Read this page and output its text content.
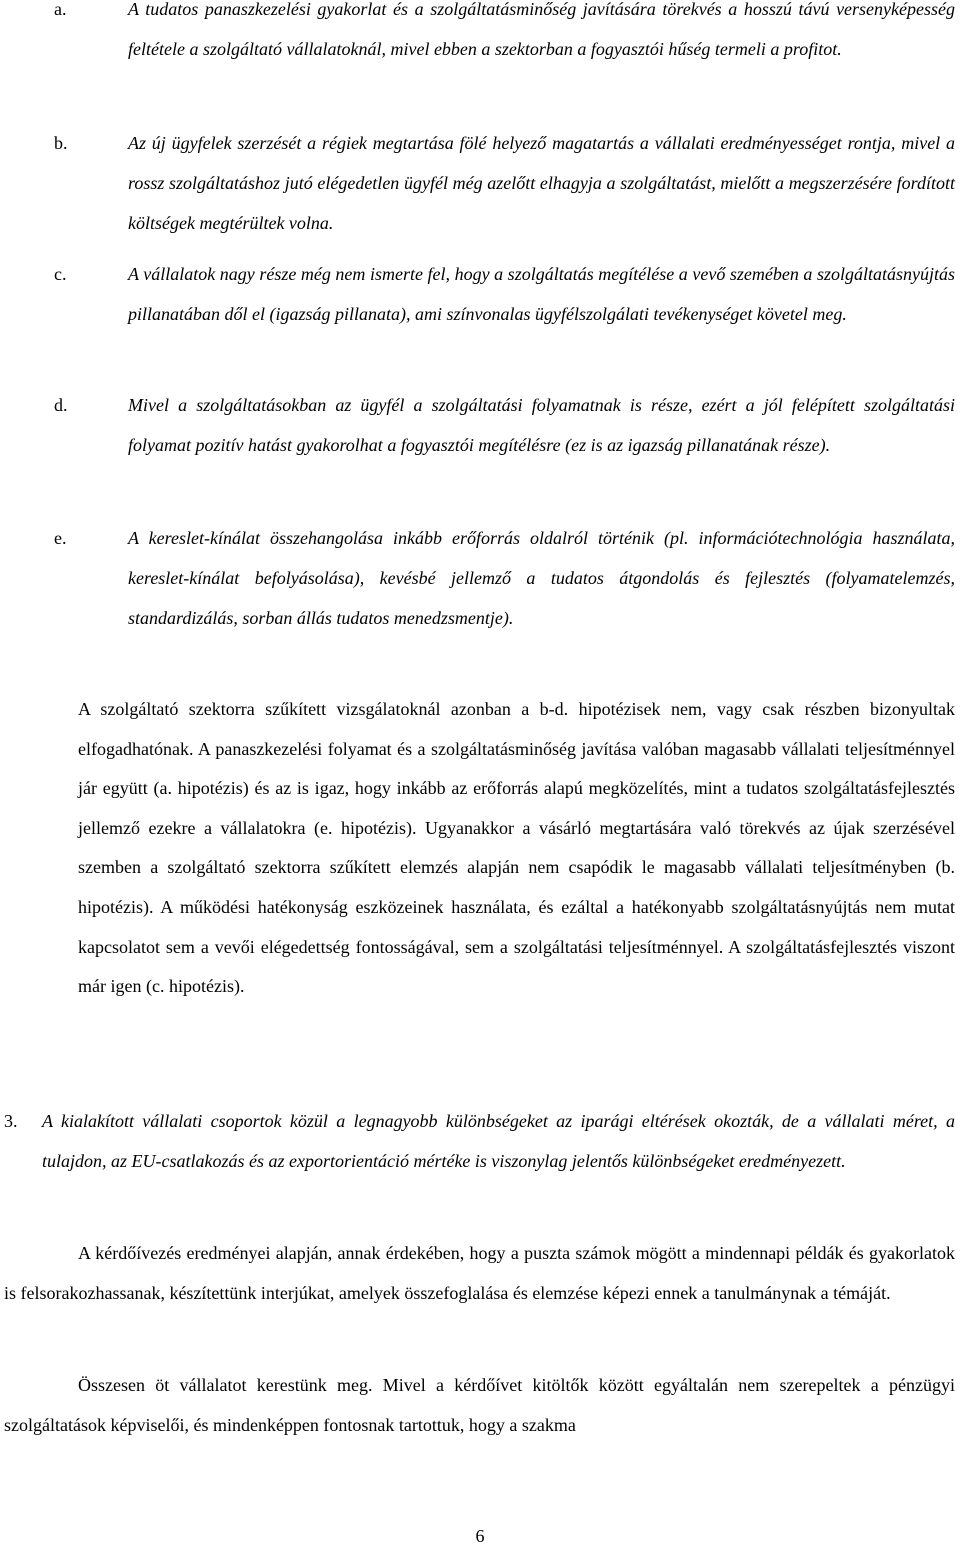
a.	A tudatos panaszkezelési gyakorlat és a szolgáltatásminőség javítására törekvés a hosszú távú versenyképesség feltétele a szolgáltató vállalatoknál, mivel ebben a szektorban a fogyasztói hűség termeli a profitot.

b.	Az új ügyfelek szerzését a régiek megtartása fölé helyező magatartás a vállalati eredményességet rontja, mivel a rossz szolgáltatáshoz jutó elégedetlen ügyfél még azelőtt elhagyja a szolgáltatást, mielőtt a megszerzésére fordított költségek megtérültek volna.

c.	A vállalatok nagy része még nem ismerte fel, hogy a szolgáltatás megítélése a vevő szemében a szolgáltatásnyújtás pillanatában dől el (igazság pillanata), ami színvonalas ügyfélszolgálati tevékenységet követel meg.

d.	Mivel a szolgáltatásokban az ügyfél a szolgáltatási folyamatnak is része, ezért a jól felépített szolgáltatási folyamat pozitív hatást gyakorolhat a fogyasztói megítélésre (ez is az igazság pillanatának része).

e.	A kereslet-kínálat összehangolása inkább erőforrás oldalról történik (pl. információtechnológia használata, kereslet-kínálat befolyásolása), kevésbé jellemző a tudatos átgondolás és fejlesztés (folyamatelemzés, standardizálás, sorban állás tudatos menedzsmentje).

A szolgáltató szektorra szűkített vizsgálatoknál azonban a b-d. hipotézisek nem, vagy csak részben bizonyultak elfogadhatónak. A panaszkezelési folyamat és a szolgáltatásminőség javítása valóban magasabb vállalati teljesítménnyel jár együtt (a. hipotézis) és az is igaz, hogy inkább az erőforrás alapú megközelítés, mint a tudatos szolgáltatásfejlesztés jellemző ezekre a vállalatokra (e. hipotézis). Ugyanakkor a vásárló megtartására való törekvés az újak szerzésével szemben a szolgáltató szektorra szűkített elemzés alapján nem csapódik le magasabb vállalati teljesítményben (b. hipotézis). A működési hatékonyság eszközeinek használata, és ezáltal a hatékonyabb szolgáltatásnyújtás nem mutat kapcsolatot sem a vevői elégedettség fontosságával, sem a szolgáltatási teljesítménnyel. A szolgáltatásfejlesztés viszont már igen (c. hipotézis).

3. A kialakított vállalati csoportok közül a legnagyobb különbségeket az iparági eltérések okozták, de a vállalati méret, a tulajdon, az EU-csatlakozás és az exportorientáció mértéke is viszonylag jelentős különbségeket eredményezett.

A kérdőívezés eredményei alapján, annak érdekében, hogy a puszta számok mögött a mindennapi példák és gyakorlatok is felsorakozhassanak, készítettünk interjúkat, amelyek összefoglalása és elemzése képezi ennek a tanulmánynak a témáját.

Összesen öt vállalatot kerestünk meg. Mivel a kérdőívet kitöltők között egyáltalán nem szerepeltek a pénzügyi szolgáltatások képviselői, és mindenképpen fontosnak tartottuk, hogy a szakma

6
